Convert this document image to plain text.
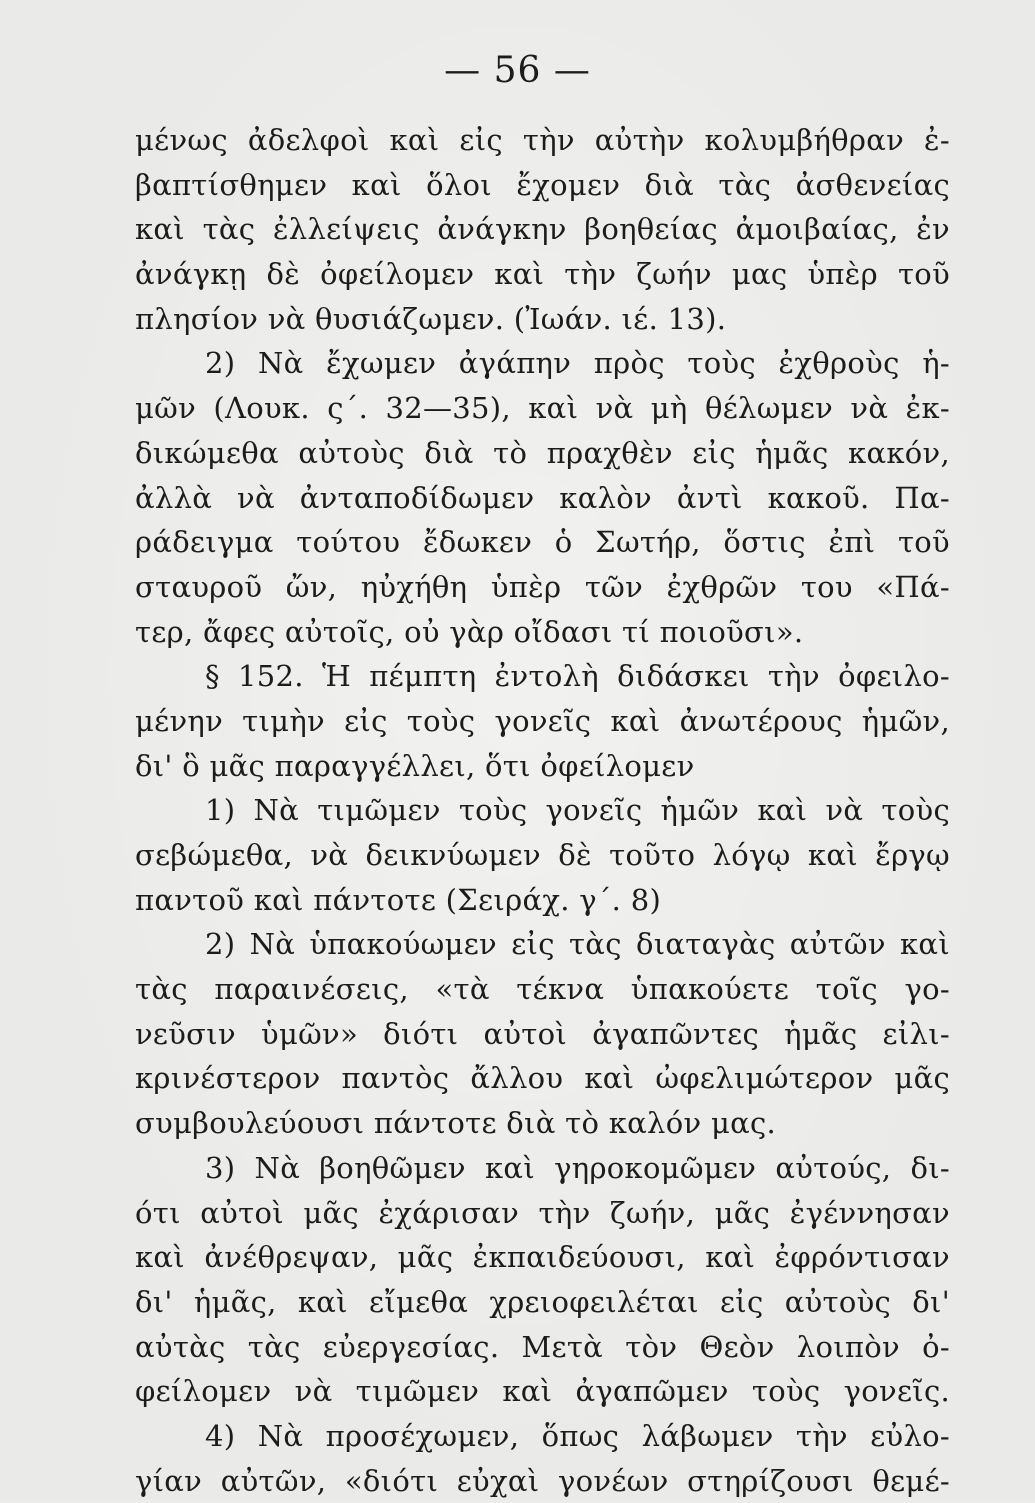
— 56 —
μένως ἀδελφοὶ καὶ εἰς τὴν αὐτὴν κολυμβήθραν ἐ-
βαπτίσθημεν καὶ ὅλοι ἔχομεν διὰ τὰς ἀσθενείας
καὶ τὰς ἐλλείψεις ἀνάγκην βοηθείας ἀμοιβαίας, ἐν
ἀνάγκῃ δὲ ὀφείλομεν καὶ τὴν ζωήν μας ὑπὲρ τοῦ
πλησίον νὰ θυσιάζωμεν. (Ἰωάν. ιέ. 13).
2) Νὰ ἔχωμεν ἀγάπην πρὸς τοὺς ἐχθροὺς ἡ-
μῶν (Λουκ. ς΄. 32—35), καὶ νὰ μὴ θέλωμεν νὰ ἐκ-
δικώμεθα αὐτοὺς διὰ τὸ πραχθὲν εἰς ἡμᾶς κακόν,
ἀλλὰ νὰ ἀνταποδίδωμεν καλὸν ἀντὶ κακοῦ. Πα-
ράδειγμα τούτου ἔδωκεν ὁ Σωτήρ, ὅστις ἐπὶ τοῦ
σταυροῦ ὤν, ηὐχήθη ὑπὲρ τῶν ἐχθρῶν του «Πά-
τερ, ἄφες αὐτοῖς, οὐ γὰρ οἴδασι τί ποιοῦσι».
§ 152. Ἡ πέμπτη ἐντολὴ διδάσκει τὴν ὀφειλο-
μένην τιμὴν εἰς τοὺς γονεῖς καὶ ἀνωτέρους ἡμῶν,
δι' ὃ μᾶς παραγγέλλει, ὅτι ὀφείλομεν
1) Νὰ τιμῶμεν τοὺς γονεῖς ἡμῶν καὶ νὰ τοὺς
σεβώμεθα, νὰ δεικνύωμεν δὲ τοῦτο λόγῳ καὶ ἔργῳ
παντοῦ καὶ πάντοτε (Σειράχ. γ΄. 8)
2) Νὰ ὑπακούωμεν εἰς τὰς διαταγὰς αὐτῶν καὶ
τὰς παραινέσεις, «τὰ τέκνα ὑπακούετε τοῖς γο-
νεῦσιν ὑμῶν» διότι αὐτοὶ ἀγαπῶντες ἡμᾶς εἰλι-
κρινέστερον παντὸς ἄλλου καὶ ὠφελιμώτερον μᾶς
συμβουλεύουσι πάντοτε διὰ τὸ καλόν μας.
3) Νὰ βοηθῶμεν καὶ γηροκομῶμεν αὐτούς, δι-
ότι αὐτοὶ μᾶς ἐχάρισαν τὴν ζωήν, μᾶς ἐγέννησαν
καὶ ἀνέθρεψαν, μᾶς ἐκπαιδεύουσι, καὶ ἐφρόντισαν
δι' ἡμᾶς, καὶ εἴμεθα χρειοφειλέται εἰς αὐτοὺς δι'
αὐτὰς τὰς εὐεργεσίας. Μετὰ τὸν Θεὸν λοιπὸν ὀ-
φείλομεν νὰ τιμῶμεν καὶ ἀγαπῶμεν τοὺς γονεῖς.
4) Νὰ προσέχωμεν, ὅπως λάβωμεν τὴν εὐλο-
γίαν αὐτῶν, «διότι εὐχαὶ γονέων στηρίζουσι θεμέ-
